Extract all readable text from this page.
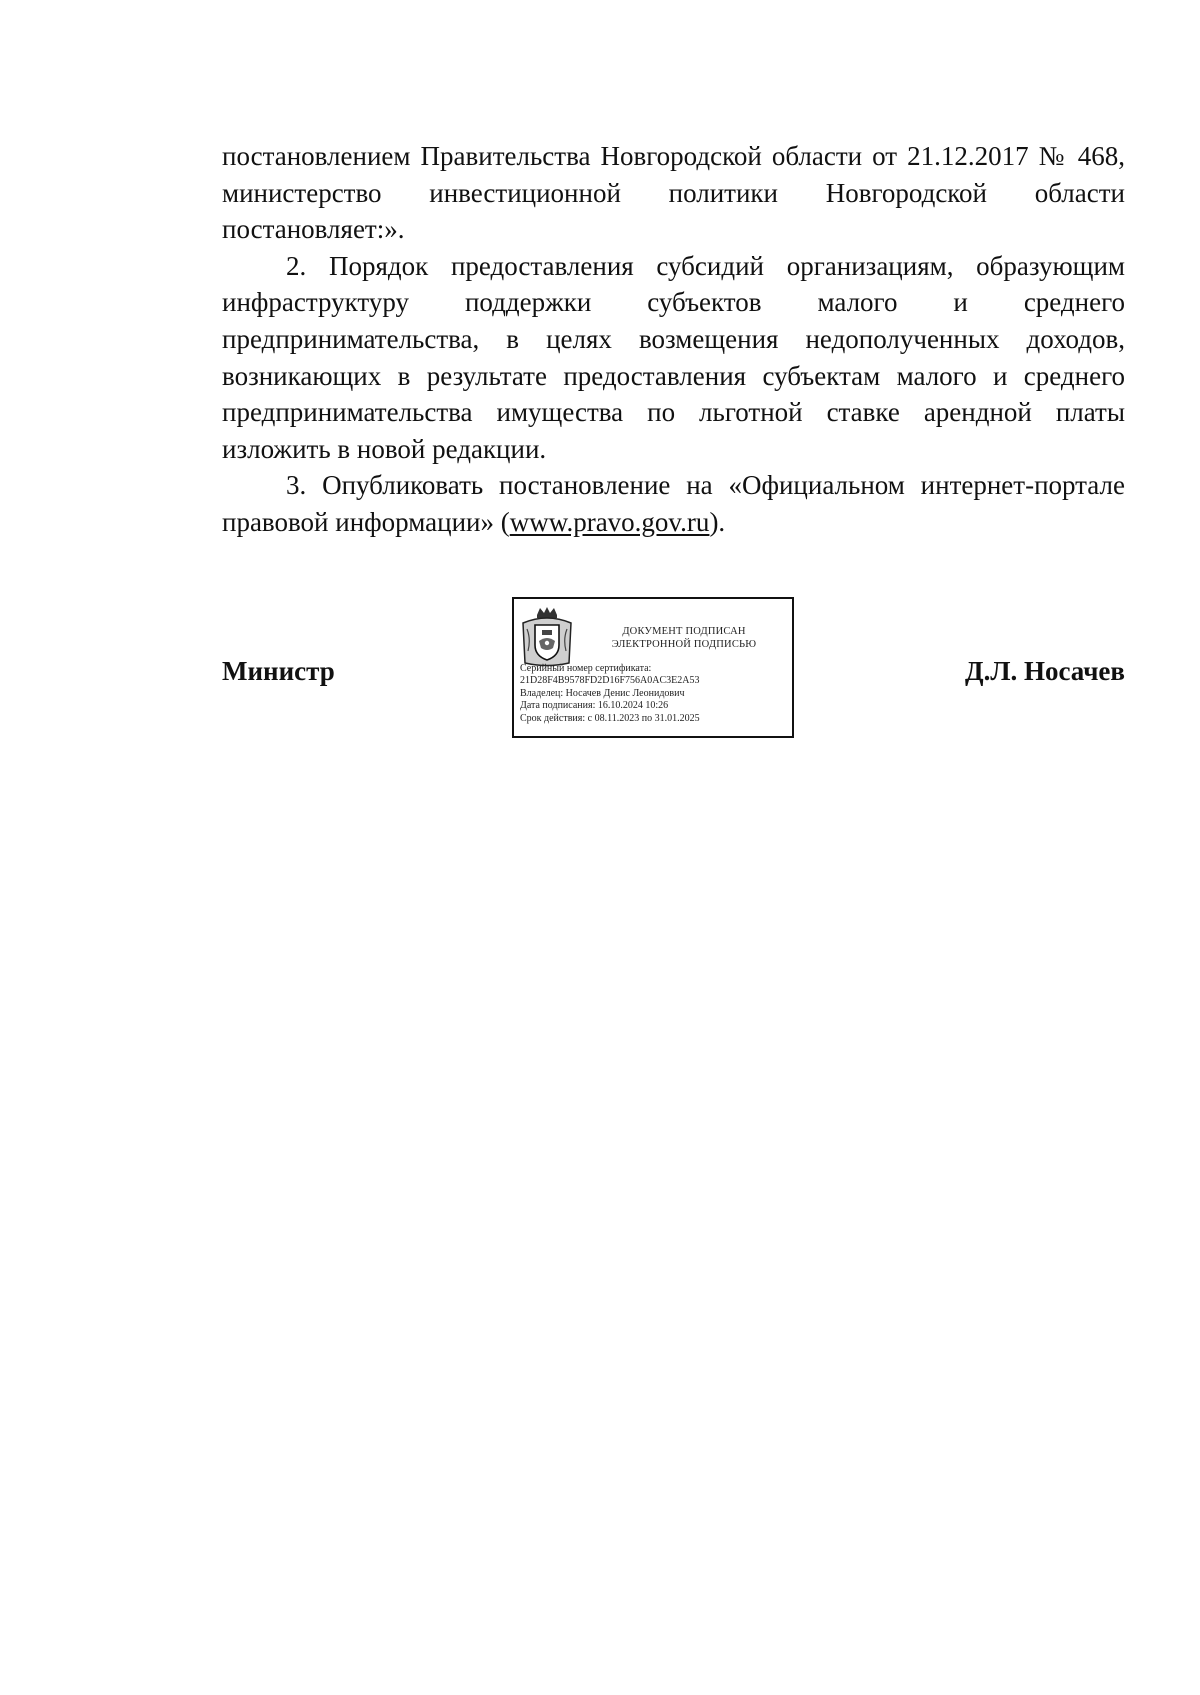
постановлением Правительства Новгородской области от 21.12.2017 № 468, министерство инвестиционной политики Новгородской области постановляет:».

2. Порядок предоставления субсидий организациям, образующим инфраструктуру поддержки субъектов малого и среднего предпринимательства, в целях возмещения недополученных доходов, возникающих в результате предоставления субъектам малого и среднего предпринимательства имущества по льготной ставке арендной платы изложить в новой редакции.

3. Опубликовать постановление на «Официальном интернет-портале правовой информации» (www.pravo.gov.ru).

Министр
ДОКУМЕНТ ПОДПИСАН
ЭЛЕКТРОННОЙ ПОДПИСЬЮ
Серийный номер сертификата:
21D28F4B9578FD2D16F756A0AC3E2A53
Владелец: Носачев Денис Леонидович
Дата подписания: 16.10.2024 10:26
Срок действия: с 08.11.2023 по 31.01.2025
Д.Л. Носачев
